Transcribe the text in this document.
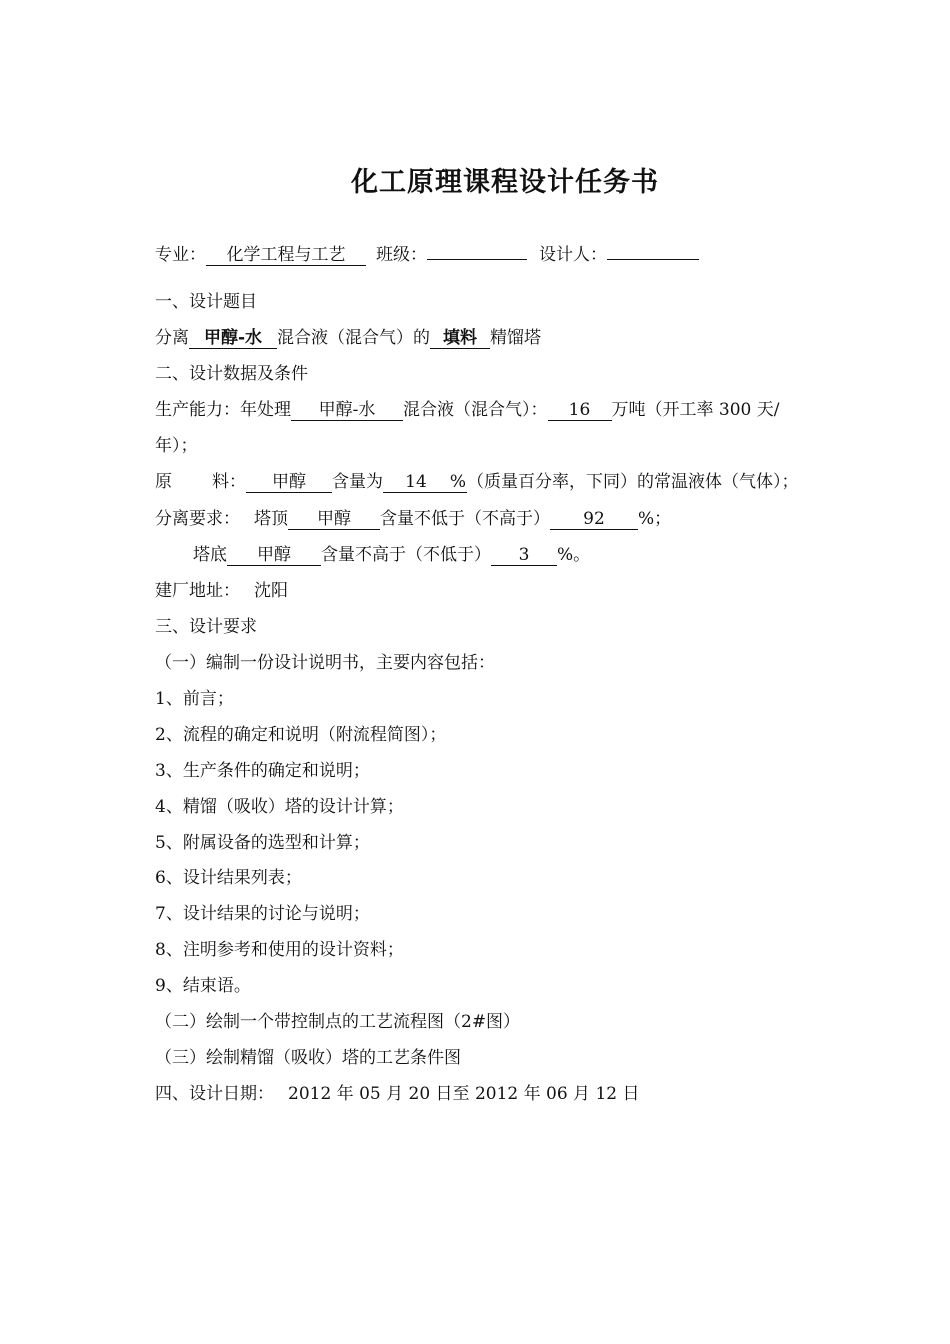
化工原理课程设计任务书
专业： 化学工程与工艺 班级：	设计人：
一、设计题目
分离 甲醇-水 混合液（混合气）的 填料 精馏塔
二、设计数据及条件
生产能力：年处理 甲醇-水 混合液（混合气）： 16 万吨（开工率 300 天/
年）；
原 料： 甲醇 含量为 14 %（质量百分率，下同）的常温液体（气体）；
分离要求： 塔顶 甲醇 含量不低于（不高于） 92 %；
塔底 甲醇 含量不高于（不低于） 3 %。
建厂地址： 沈阳
三、设计要求
（一）编制一份设计说明书，主要内容包括：
1、前言；
2、流程的确定和说明（附流程简图）；
3、生产条件的确定和说明；
4、精馏（吸收）塔的设计计算；
5、附属设备的选型和计算；
6、设计结果列表；
7、设计结果的讨论与说明；
8、注明参考和使用的设计资料；
9、结束语。
（二）绘制一个带控制点的工艺流程图（2#图）
（三）绘制精馏（吸收）塔的工艺条件图
四、设计日期： 2012 年 05 月 20 日至 2012 年 06 月 12 日
